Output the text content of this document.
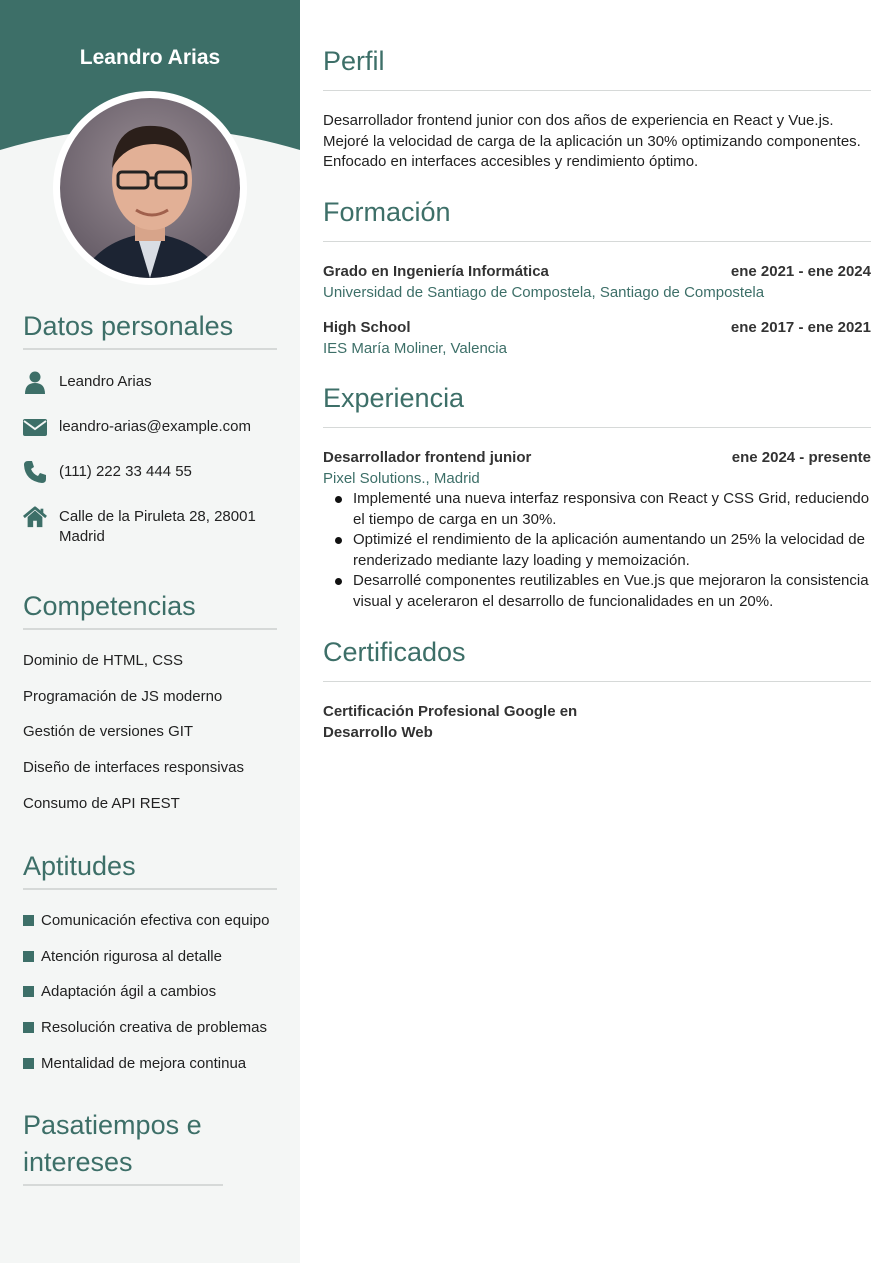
Leandro Arias
Datos personales
Leandro Arias
leandro-arias@example.com
(111) 222 33 444 55
Calle de la Piruleta 28, 28001 Madrid
Competencias
Dominio de HTML, CSS
Programación de JS moderno
Gestión de versiones GIT
Diseño de interfaces responsivas
Consumo de API REST
Aptitudes
Comunicación efectiva con equipo
Atención rigurosa al detalle
Adaptación ágil a cambios
Resolución creativa de problemas
Mentalidad de mejora continua
Pasatiempos e intereses
Perfil
Desarrollador frontend junior con dos años de experiencia en React y Vue.js. Mejoré la velocidad de carga de la aplicación un 30% optimizando componentes. Enfocado en interfaces accesibles y rendimiento óptimo.
Formación
Grado en Ingeniería Informática	ene 2021 - ene 2024
Universidad de Santiago de Compostela, Santiago de Compostela
High School	ene 2017 - ene 2021
IES María Moliner, Valencia
Experiencia
Desarrollador frontend junior	ene 2024 - presente
Pixel Solutions., Madrid
Implementé una nueva interfaz responsiva con React y CSS Grid, reduciendo el tiempo de carga en un 30%.
Optimizé el rendimiento de la aplicación aumentando un 25% la velocidad de renderizado mediante lazy loading y memoización.
Desarrollé componentes reutilizables en Vue.js que mejoraron la consistencia visual y aceleraron el desarrollo de funcionalidades en un 20%.
Certificados
Certificación Profesional Google en Desarrollo Web
